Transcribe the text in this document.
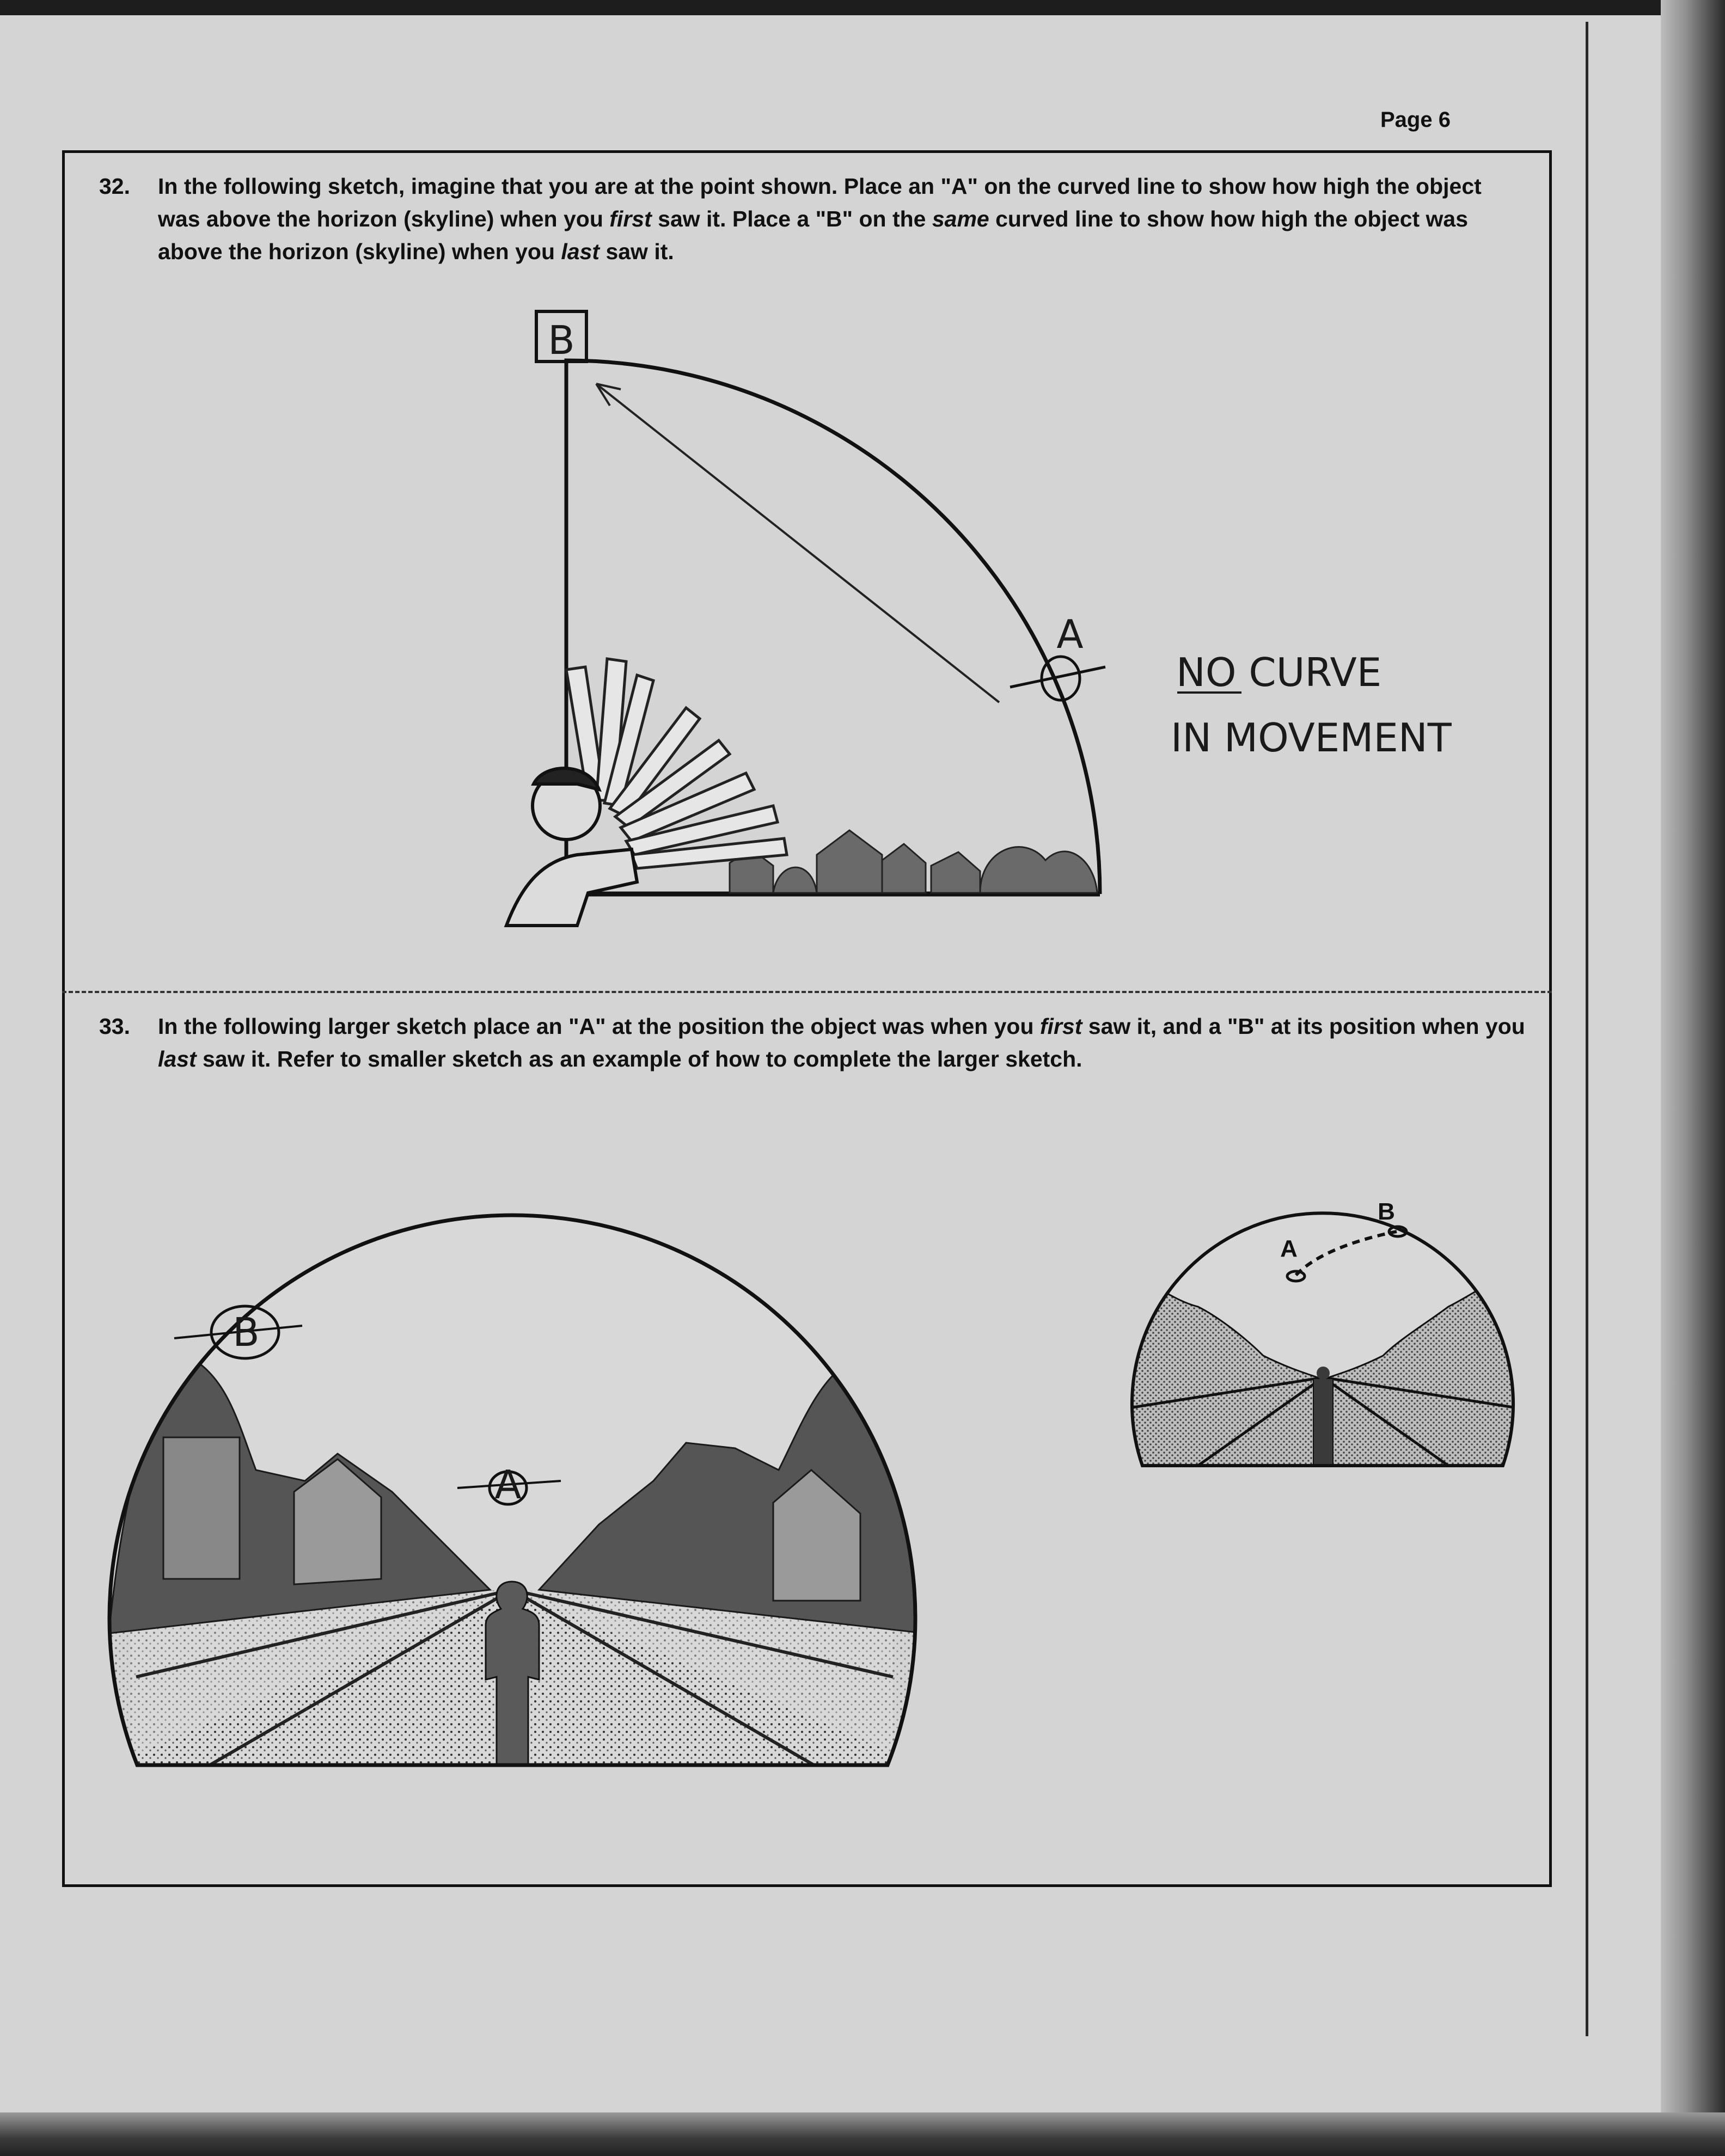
Page 6
32. In the following sketch, imagine that you are at the point shown. Place an "A" on the curved line to show how high the object was above the horizon (skyline) when you first saw it. Place a "B" on the same curved line to show how high the object was above the horizon (skyline) when you last saw it.
33. In the following larger sketch place an "A" at the position the object was when you first saw it, and a "B" at its position when you last saw it. Refer to smaller sketch as an example of how to complete the larger sketch.
B
A
NO CURVE
IN MOVEMENT
B
A
A
B
